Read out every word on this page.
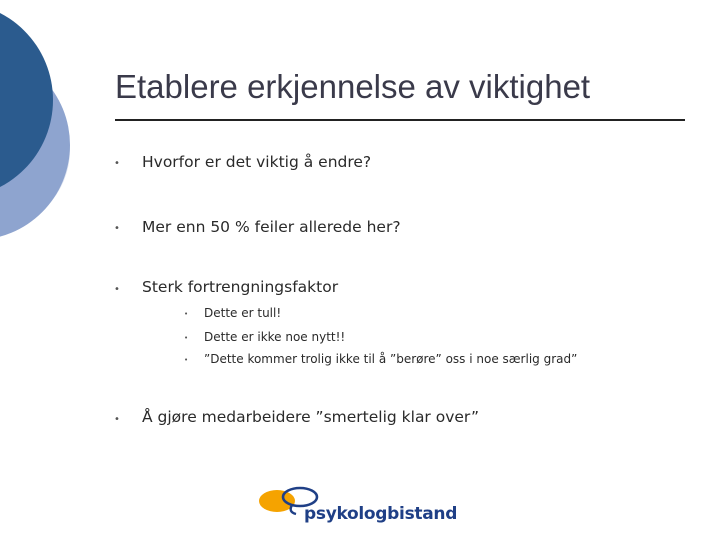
Etablere erkjennelse av viktighet
• Hvorfor er det viktig å endre?
• Mer enn 50 % feiler allerede her?
• Sterk fortrengningsfaktor
• Dette er tull!
• Dette er ikke noe nytt!!
• ”Dette kommer trolig ikke til å ”berøre” oss i noe særlig grad”
• Å gjøre medarbeidere ”smertelig klar over”
psykologbistand
